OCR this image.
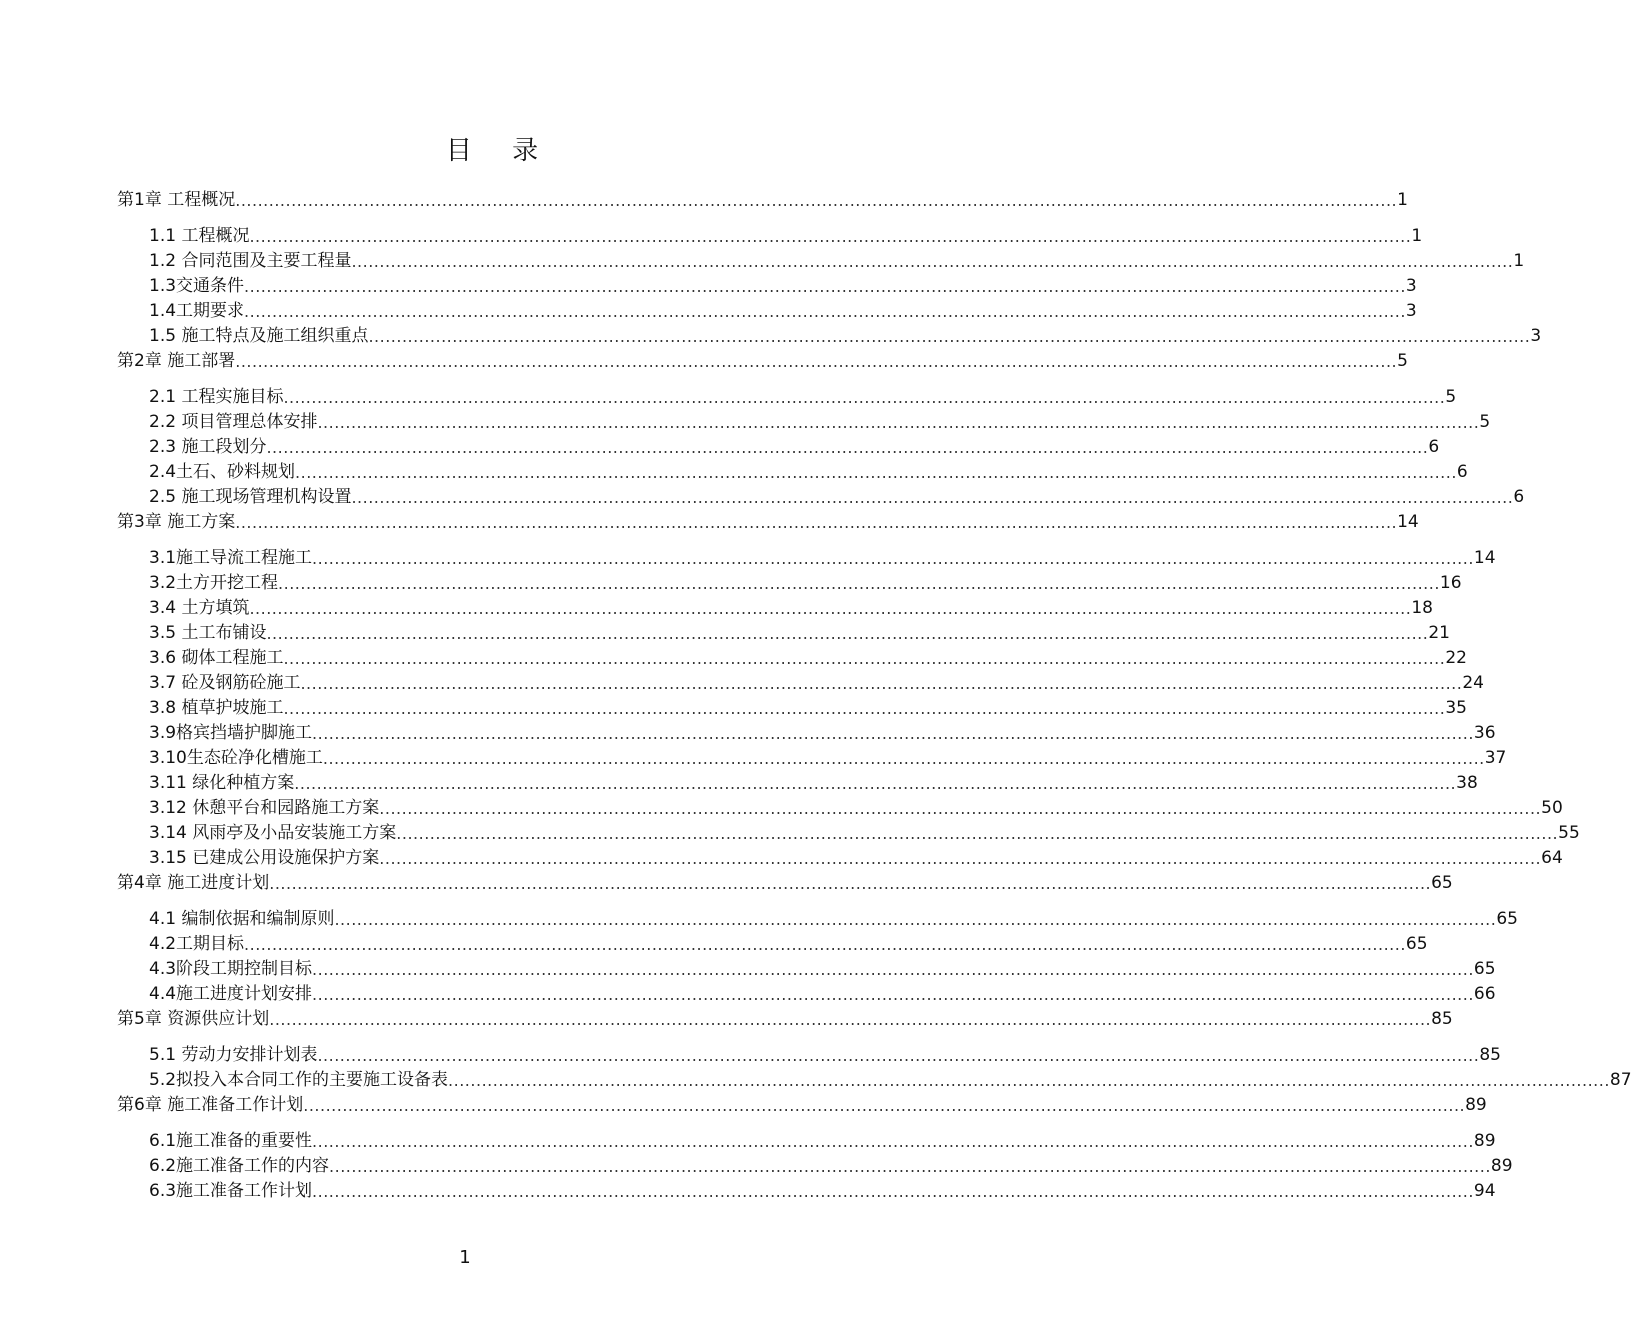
目 录
第1章 工程概况 .....	1
1.1 工程概况 .....	1
1.2 合同范围及主要工程量 .....	1
1.3交通条件 .....	3
1.4工期要求 .....	3
1.5 施工特点及施工组织重点 .....	3
第2章 施工部署 .....	5
2.1 工程实施目标 .....	5
2.2 项目管理总体安排 .....	5
2.3 施工段划分 .....	6
2.4土石、砂料规划 .....	6
2.5 施工现场管理机构设置 .....	6
第3章 施工方案 .....	14
3.1施工导流工程施工 .....	14
3.2土方开挖工程 .....	16
3.4 土方填筑 .....	18
3.5 土工布铺设 .....	21
3.6 砌体工程施工 .....	22
3.7 砼及钢筋砼施工 .....	24
3.8 植草护坡施工 .....	35
3.9格宾挡墙护脚施工 .....	36
3.10生态砼净化槽施工 .....	37
3.11 绿化种植方案 .....	38
3.12 休憩平台和园路施工方案 .....	50
3.14 风雨亭及小品安装施工方案 .....	55
3.15 已建成公用设施保护方案 .....	64
第4章 施工进度计划 .....	65
4.1 编制依据和编制原则 .....	65
4.2工期目标 .....	65
4.3阶段工期控制目标 .....	65
4.4施工进度计划安排 .....	66
第5章 资源供应计划 .....	85
5.1 劳动力安排计划表 .....	85
5.2拟投入本合同工作的主要施工设备表 .....	87
第6章 施工准备工作计划 .....	89
6.1施工准备的重要性 .....	89
6.2施工准备工作的内容 .....	89
6.3施工准备工作计划 .....	94
1
